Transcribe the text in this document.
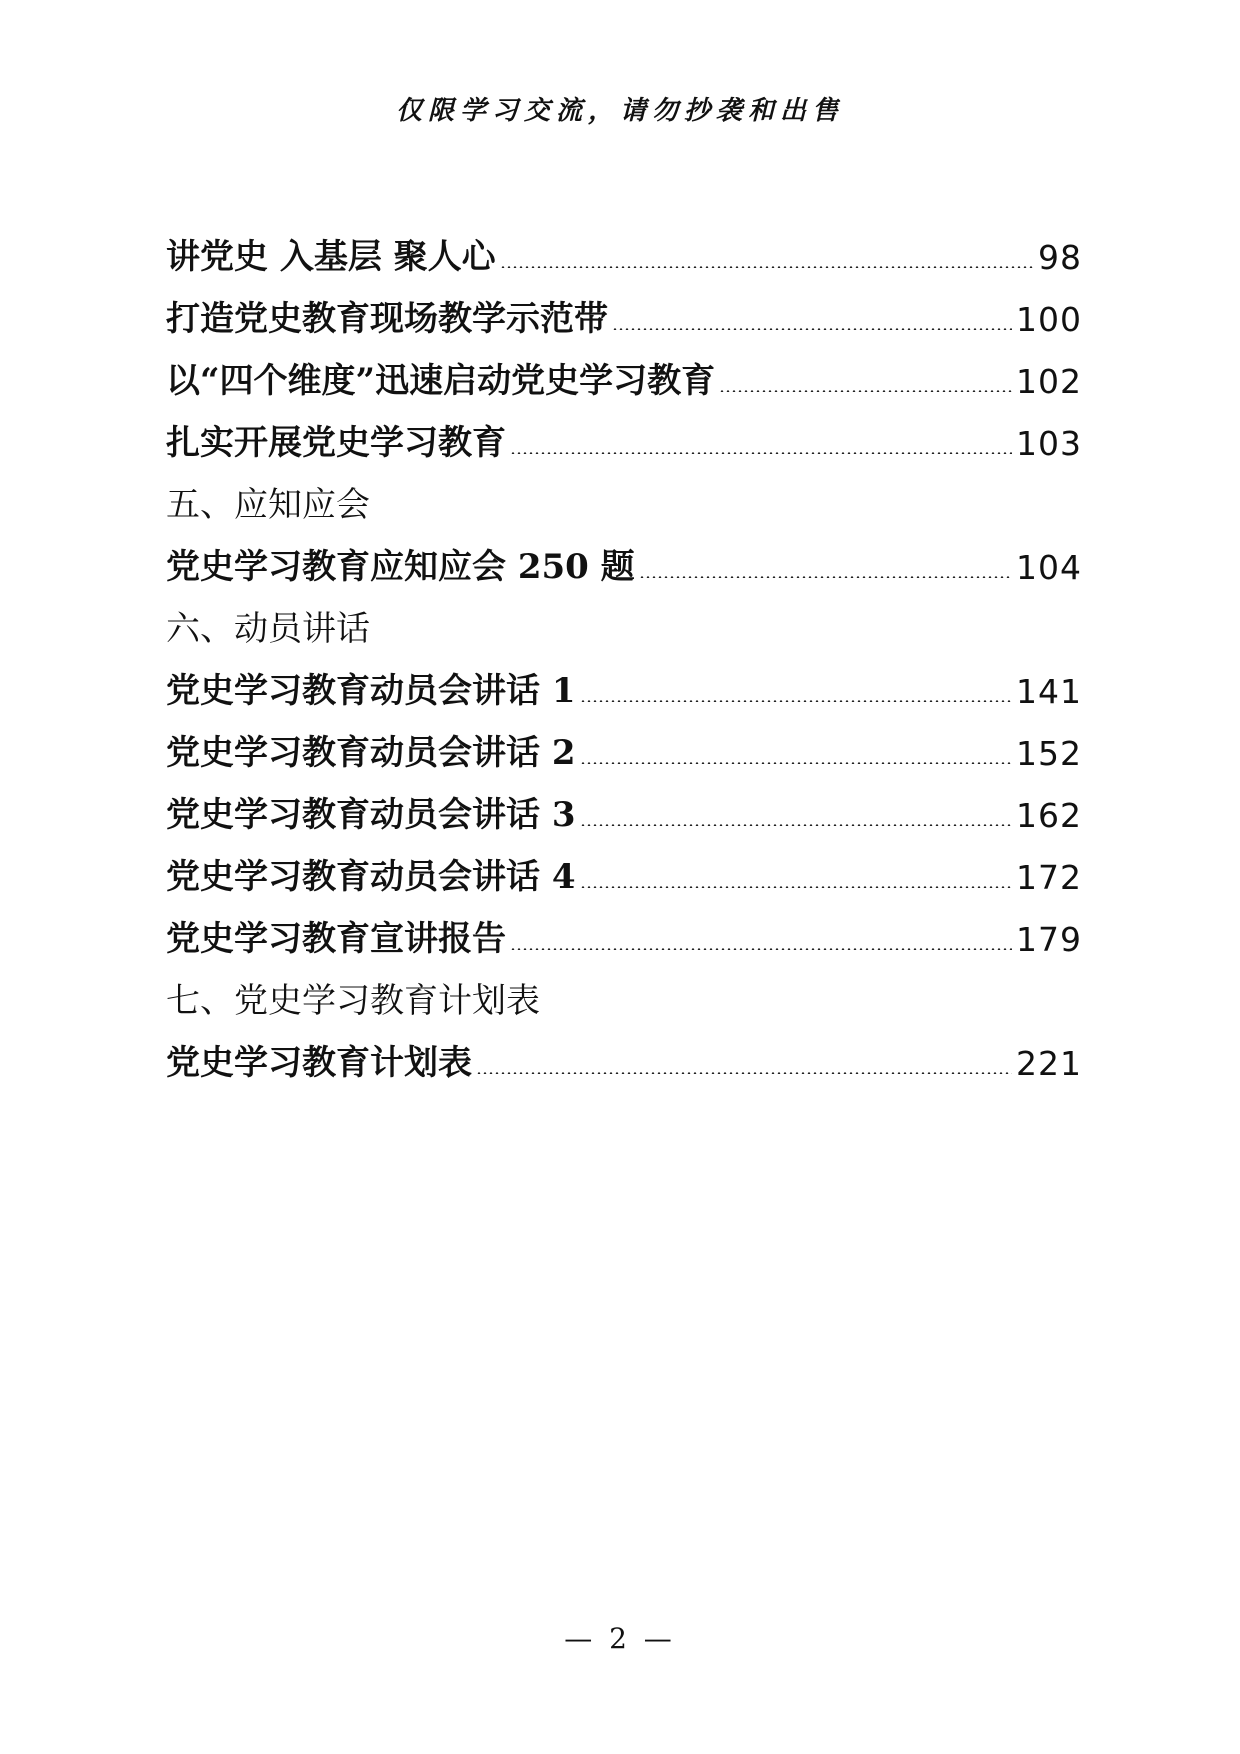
仅限学习交流，请勿抄袭和出售
讲党史 入基层 聚人心	98
打造党史教育现场教学示范带	100
以“四个维度”迅速启动党史学习教育	102
扎实开展党史学习教育	103
五、应知应会
党史学习教育应知应会 250 题	104
六、动员讲话
党史学习教育动员会讲话 1	141
党史学习教育动员会讲话 2	152
党史学习教育动员会讲话 3	162
党史学习教育动员会讲话 4	172
党史学习教育宣讲报告	179
七、党史学习教育计划表
党史学习教育计划表	221
— 2 —
